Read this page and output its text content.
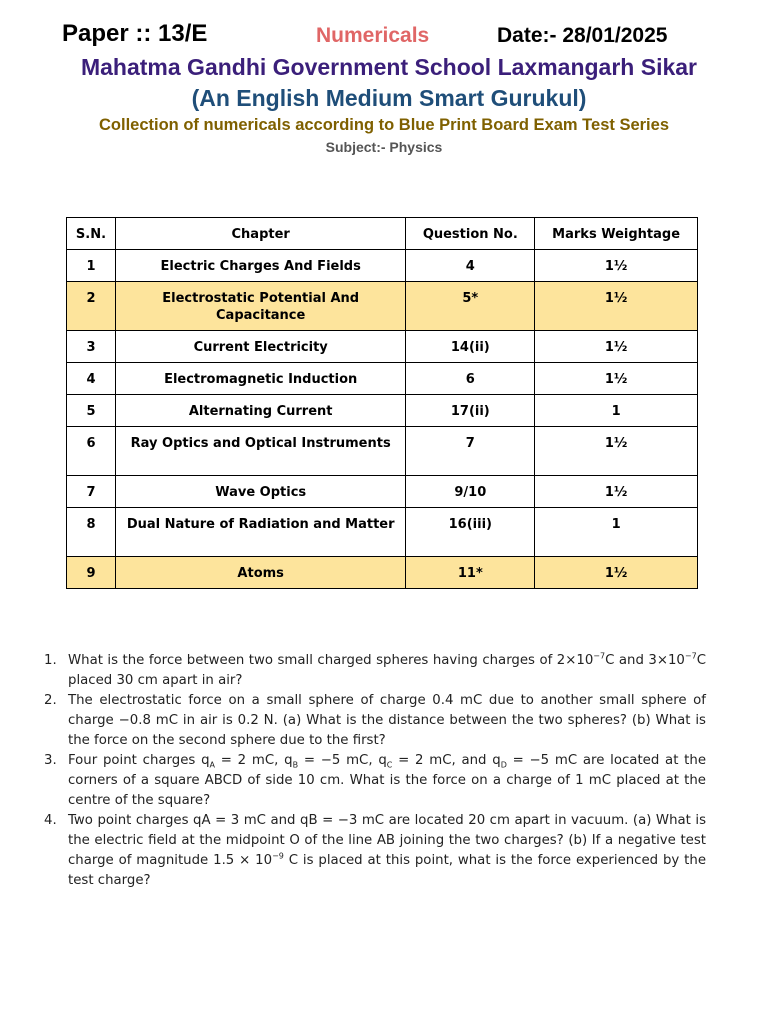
Paper :: 13/E	Numericals	Date:- 28/01/2025
Mahatma Gandhi Government School Laxmangarh Sikar
(An English Medium Smart Gurukul)
Collection of numericals according to Blue Print Board Exam Test Series
Subject:- Physics
S.N.	Chapter	Question No.	Marks Weightage
1	Electric Charges And Fields	4	1½
2	Electrostatic Potential And Capacitance	5*	1½
3	Current Electricity	14(ii)	1½
4	Electromagnetic Induction	6	1½
5	Alternating Current	17(ii)	1
6	Ray Optics and Optical Instruments	7	1½
7	Wave Optics	9/10	1½
8	Dual Nature of Radiation and Matter	16(iii)	1
9	Atoms	11*	1½
1. What is the force between two small charged spheres having charges of $2\times 10^{-7}C$ and $3\times 10^{-7}C$ placed 30 cm apart in air?
2. The electrostatic force on a small sphere of charge 0.4 mC due to another small sphere of charge −0.8 mC in air is 0.2 N. (a) What is the distance between the two spheres? (b) What is the force on the second sphere due to the first?
3. Four point charges $q_A = 2$ mC, $q_B = -5$ mC, $q_C = 2$ mC, and $q_D = -5$ mC are located at the corners of a square ABCD of side 10 cm. What is the force on a charge of 1 mC placed at the centre of the square?
4. Two point charges qA = 3 mC and qB = −3 mC are located 20 cm apart in vacuum. (a) What is the electric field at the midpoint O of the line AB joining the two charges? (b) If a negative test charge of magnitude $1.5 \times 10^{-9}$ C is placed at this point, what is the force experienced by the test charge?
